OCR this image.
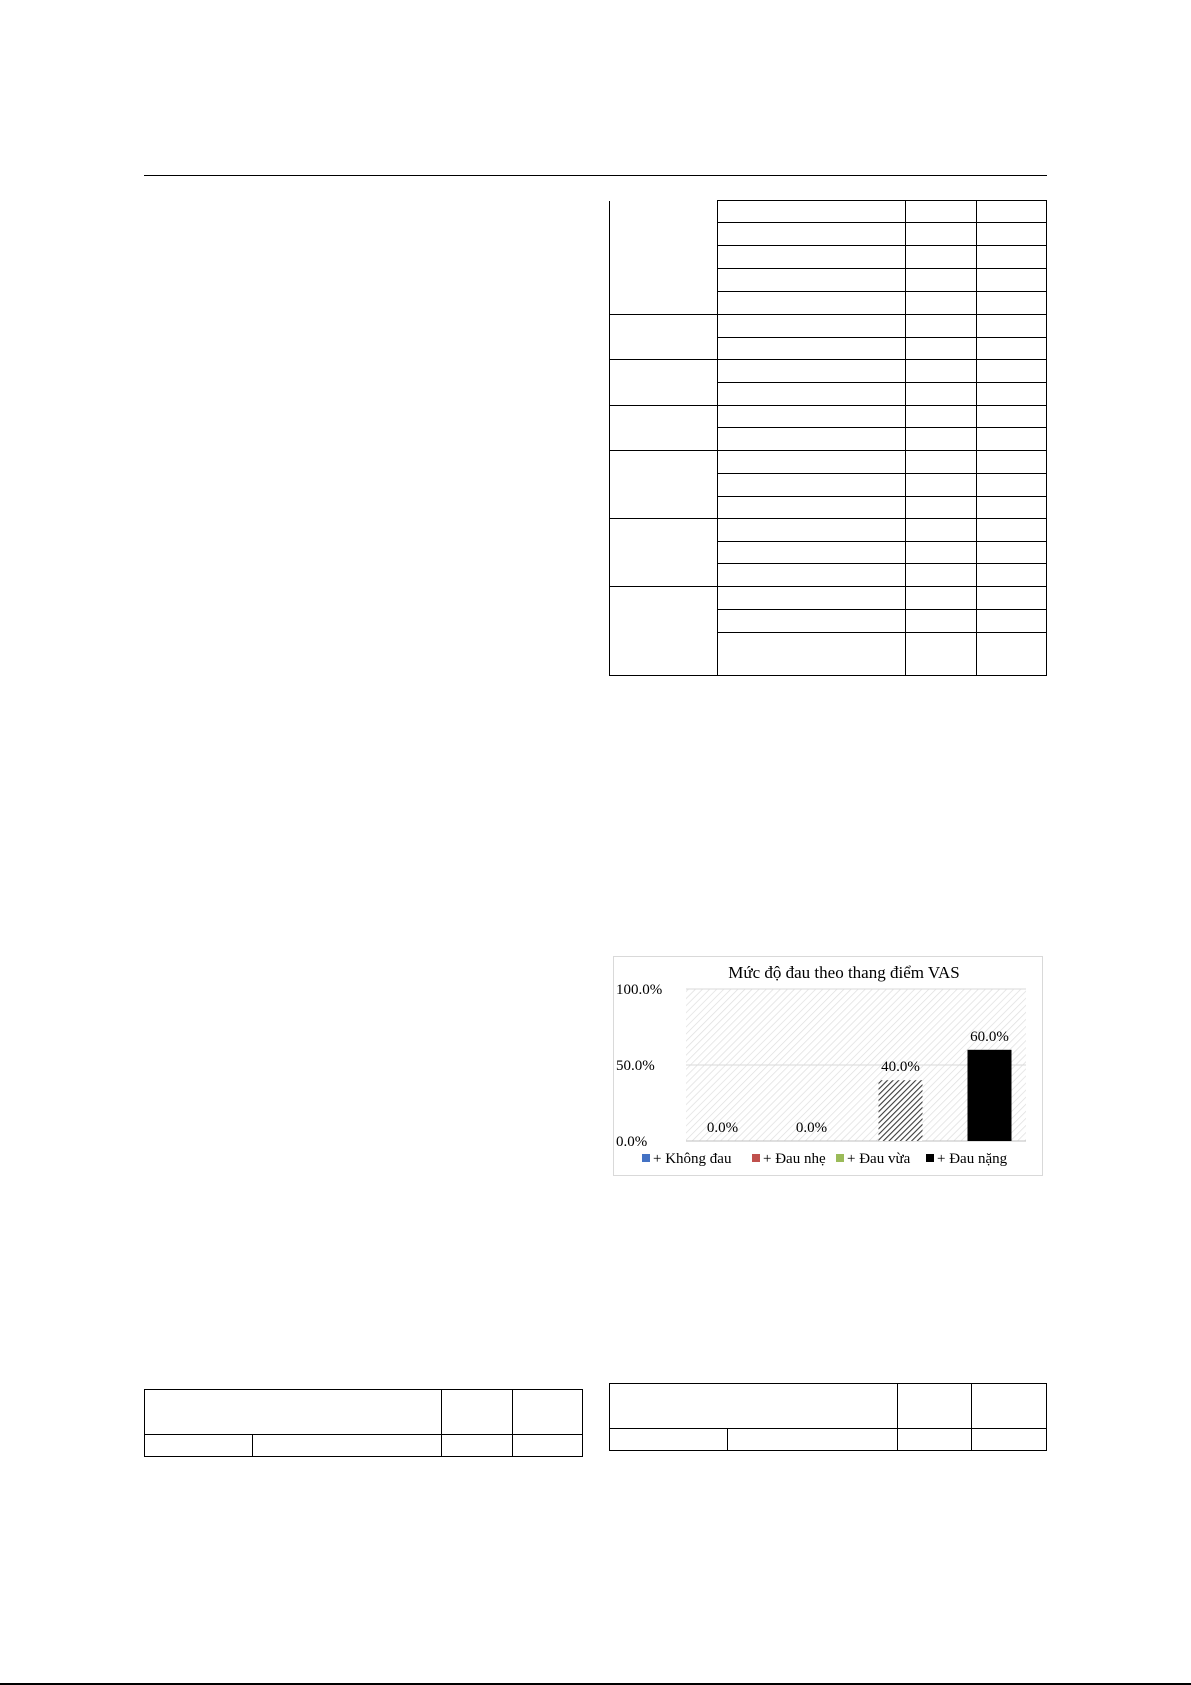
Mức độ đau theo thang điểm VAS
0.0%
50.0%
100.0%
0.0%	0.0%
40.0%
60.0%
+ Không đau + Đau nhẹ + Đau vừa + Đau nặng
